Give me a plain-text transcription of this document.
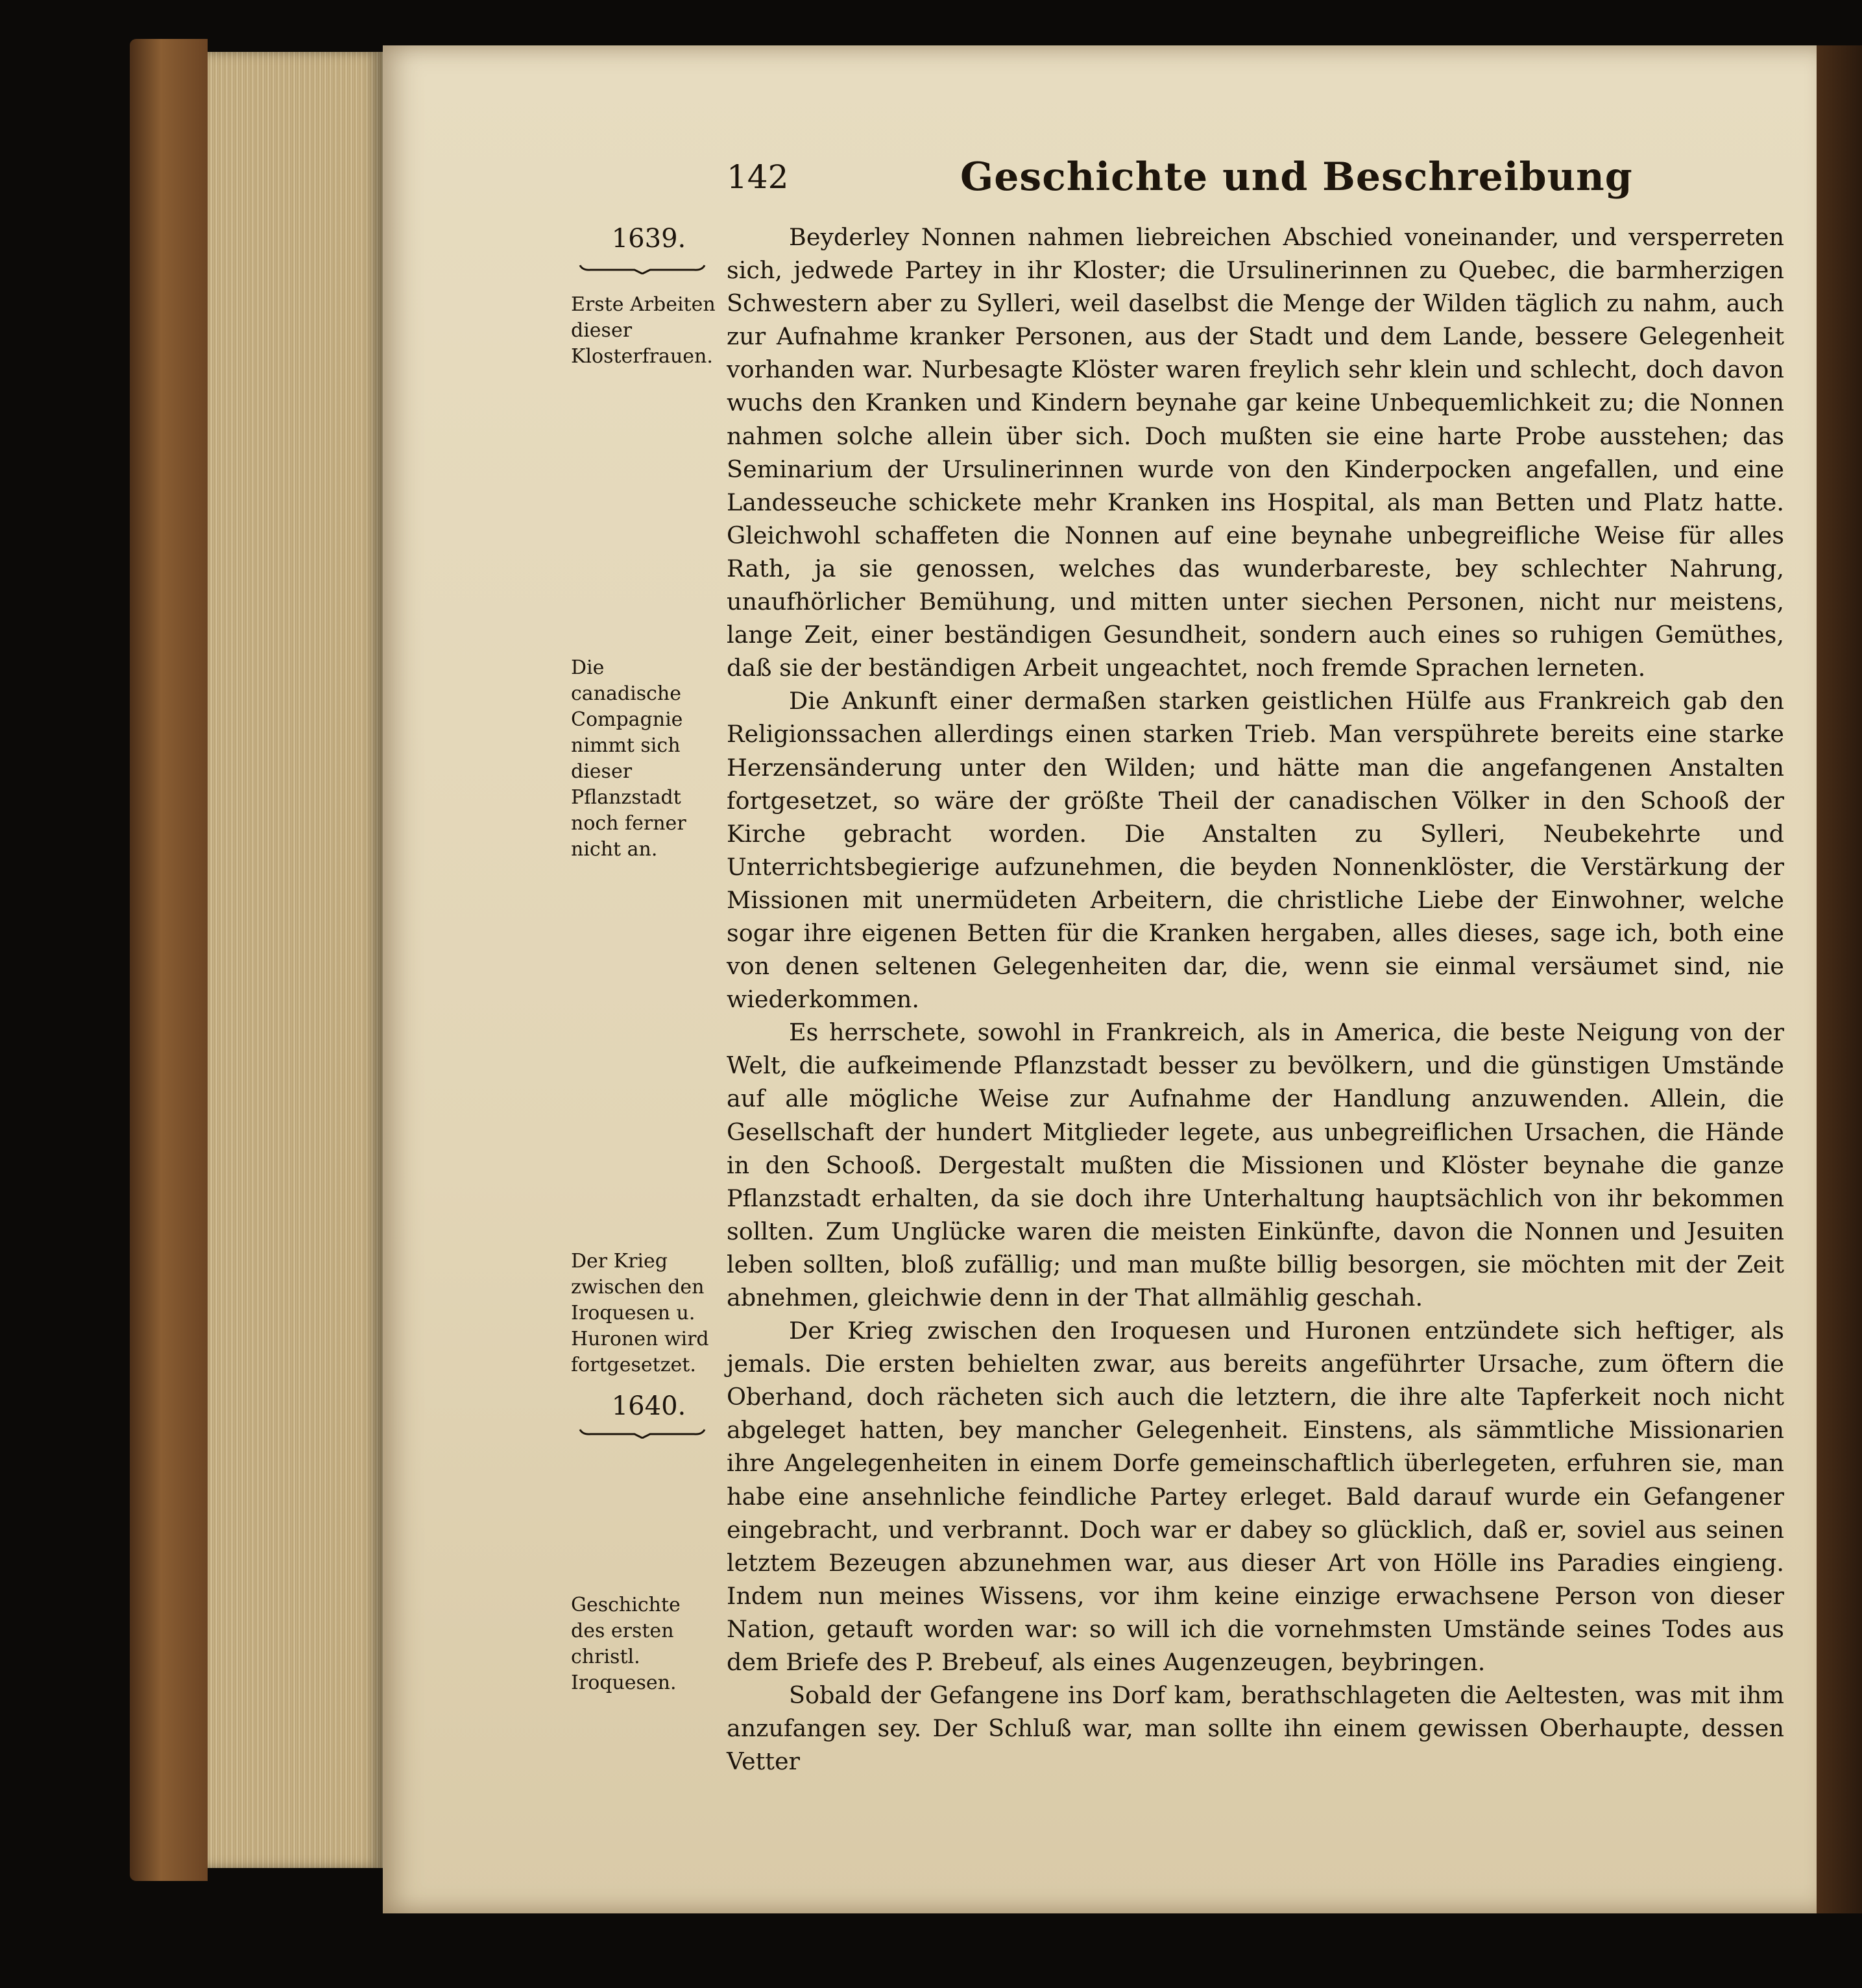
142	Geschichte und Beschreibung
1639.
Erste Arbeiten dieser Klosterfrauen.
Die canadische Compagnie nimmt sich dieser Pflanzstadt noch ferner nicht an.
Der Krieg zwischen den Iroquesen u. Huronen wird fortgesetzet.
1640.
Geschichte des ersten christl. Iroquesen.

Beyderley Nonnen nahmen liebreichen Abschied voneinander, und versperreten sich, jedwede Partey in ihr Kloster; die Ursulinerinnen zu Quebec, die barmherzigen Schwestern aber zu Sylleri, weil daselbst die Menge der Wilden täglich zu nahm, auch zur Aufnahme kranker Personen, aus der Stadt und dem Lande, bessere Gelegenheit vorhanden war. Nurbesagte Klöster waren freylich sehr klein und schlecht, doch davon wuchs den Kranken und Kindern beynahe gar keine Unbequemlichkeit zu; die Nonnen nahmen solche allein über sich. Doch mußten sie eine harte Probe ausstehen; das Seminarium der Ursulinerinnen wurde von den Kinderpocken angefallen, und eine Landesseuche schickete mehr Kranken ins Hospital, als man Betten und Platz hatte. Gleichwohl schaffeten die Nonnen auf eine beynahe unbegreifliche Weise für alles Rath, ja sie genossen, welches das wunderbareste, bey schlechter Nahrung, unaufhörlicher Bemühung, und mitten unter siechen Personen, nicht nur meistens, lange Zeit, einer beständigen Gesundheit, sondern auch eines so ruhigen Gemüthes, daß sie der beständigen Arbeit ungeachtet, noch fremde Sprachen lerneten.

Die Ankunft einer dermaßen starken geistlichen Hülfe aus Frankreich gab den Religionssachen allerdings einen starken Trieb. Man verspührete bereits eine starke Herzensänderung unter den Wilden; und hätte man die angefangenen Anstalten fortgesetzet, so wäre der größte Theil der canadischen Völker in den Schooß der Kirche gebracht worden. Die Anstalten zu Sylleri, Neubekehrte und Unterrichtsbegierige aufzunehmen, die beyden Nonnenklöster, die Verstärkung der Missionen mit unermüdeten Arbeitern, die christliche Liebe der Einwohner, welche sogar ihre eigenen Betten für die Kranken hergaben, alles dieses, sage ich, both eine von denen seltenen Gelegenheiten dar, die, wenn sie einmal versäumet sind, nie wiederkommen.

Es herrschete, sowohl in Frankreich, als in America, die beste Neigung von der Welt, die aufkeimende Pflanzstadt besser zu bevölkern, und die günstigen Umstände auf alle mögliche Weise zur Aufnahme der Handlung anzuwenden. Allein, die Gesellschaft der hundert Mitglieder legete, aus unbegreiflichen Ursachen, die Hände in den Schooß. Dergestalt mußten die Missionen und Klöster beynahe die ganze Pflanzstadt erhalten, da sie doch ihre Unterhaltung hauptsächlich von ihr bekommen sollten. Zum Unglücke waren die meisten Einkünfte, davon die Nonnen und Jesuiten leben sollten, bloß zufällig; und man mußte billig besorgen, sie möchten mit der Zeit abnehmen, gleichwie denn in der That allmählig geschah.

Der Krieg zwischen den Iroquesen und Huronen entzündete sich heftiger, als jemals. Die ersten behielten zwar, aus bereits angeführter Ursache, zum öftern die Oberhand, doch rächeten sich auch die letztern, die ihre alte Tapferkeit noch nicht abgeleget hatten, bey mancher Gelegenheit. Einstens, als sämmtliche Missionarien ihre Angelegenheiten in einem Dorfe gemeinschaftlich überlegeten, erfuhren sie, man habe eine ansehnliche feindliche Partey erleget. Bald darauf wurde ein Gefangener eingebracht, und verbrannt. Doch war er dabey so glücklich, daß er, soviel aus seinen letztem Bezeugen abzunehmen war, aus dieser Art von Hölle ins Paradies eingieng. Indem nun meines Wissens, vor ihm keine einzige erwachsene Person von dieser Nation, getauft worden war: so will ich die vornehmsten Umstände seines Todes aus dem Briefe des P. Brebeuf, als eines Augenzeugen, beybringen.

Sobald der Gefangene ins Dorf kam, berathschlageten die Aeltesten, was mit ihm anzufangen sey. Der Schluß war, man sollte ihn einem gewissen Oberhaupte, dessen Vetter
